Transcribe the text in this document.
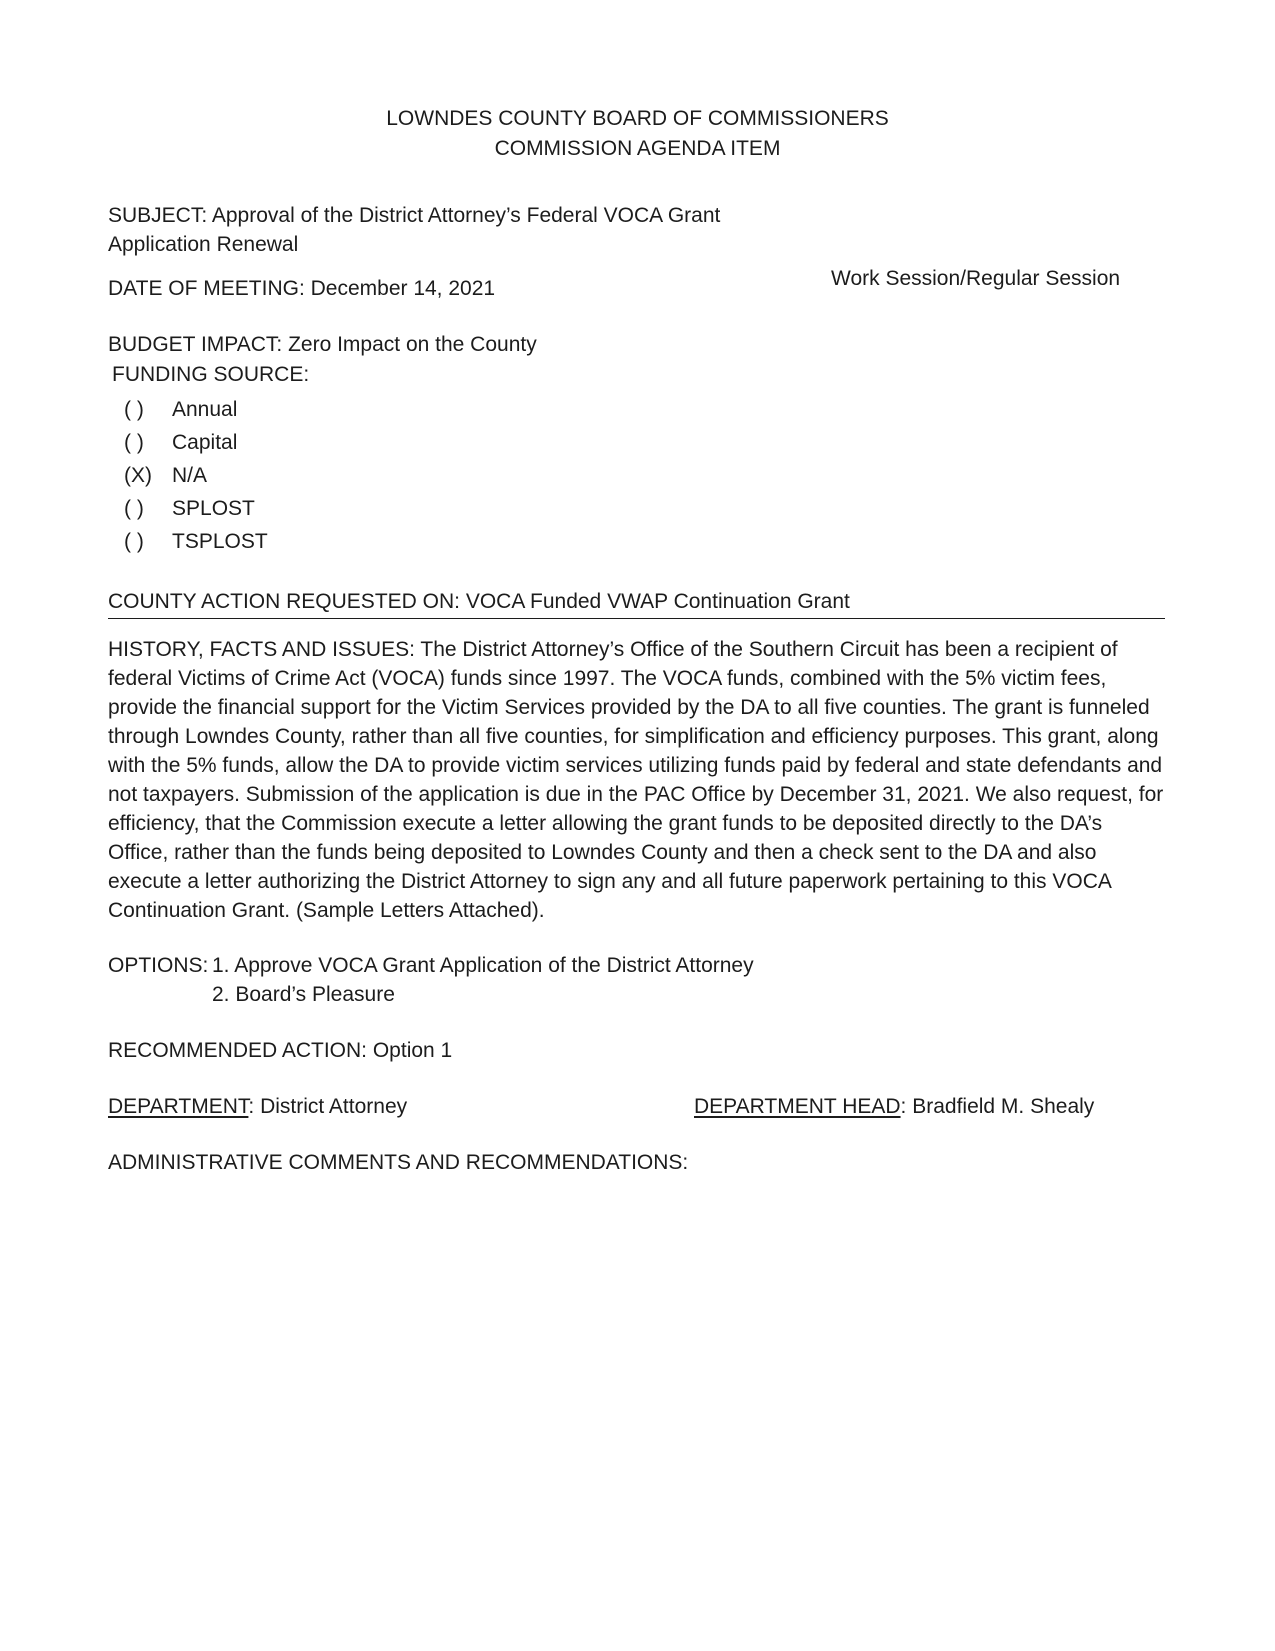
LOWNDES COUNTY BOARD OF COMMISSIONERS
COMMISSION AGENDA ITEM
SUBJECT: Approval of the District Attorney’s Federal VOCA Grant
Application Renewal
DATE OF MEETING: December 14, 2021	Work Session/Regular Session
BUDGET IMPACT: Zero Impact on the County
FUNDING SOURCE:
( ) Annual
( ) Capital
(X) N/A
( ) SPLOST
( ) TSPLOST
COUNTY ACTION REQUESTED ON: VOCA Funded VWAP Continuation Grant
HISTORY, FACTS AND ISSUES: The District Attorney’s Office of the Southern Circuit has been a recipient of federal Victims of Crime Act (VOCA) funds since 1997. The VOCA funds, combined with the 5% victim fees, provide the financial support for the Victim Services provided by the DA to all five counties. The grant is funneled through Lowndes County, rather than all five counties, for simplification and efficiency purposes. This grant, along with the 5% funds, allow the DA to provide victim services utilizing funds paid by federal and state defendants and not taxpayers. Submission of the application is due in the PAC Office by December 31, 2021. We also request, for efficiency, that the Commission execute a letter allowing the grant funds to be deposited directly to the DA’s Office, rather than the funds being deposited to Lowndes County and then a check sent to the DA and also execute a letter authorizing the District Attorney to sign any and all future paperwork pertaining to this VOCA Continuation Grant. (Sample Letters Attached).
OPTIONS: 1. Approve VOCA Grant Application of the District Attorney
2. Board’s Pleasure
RECOMMENDED ACTION: Option 1
DEPARTMENT: District Attorney	DEPARTMENT HEAD: Bradfield M. Shealy
ADMINISTRATIVE COMMENTS AND RECOMMENDATIONS:
